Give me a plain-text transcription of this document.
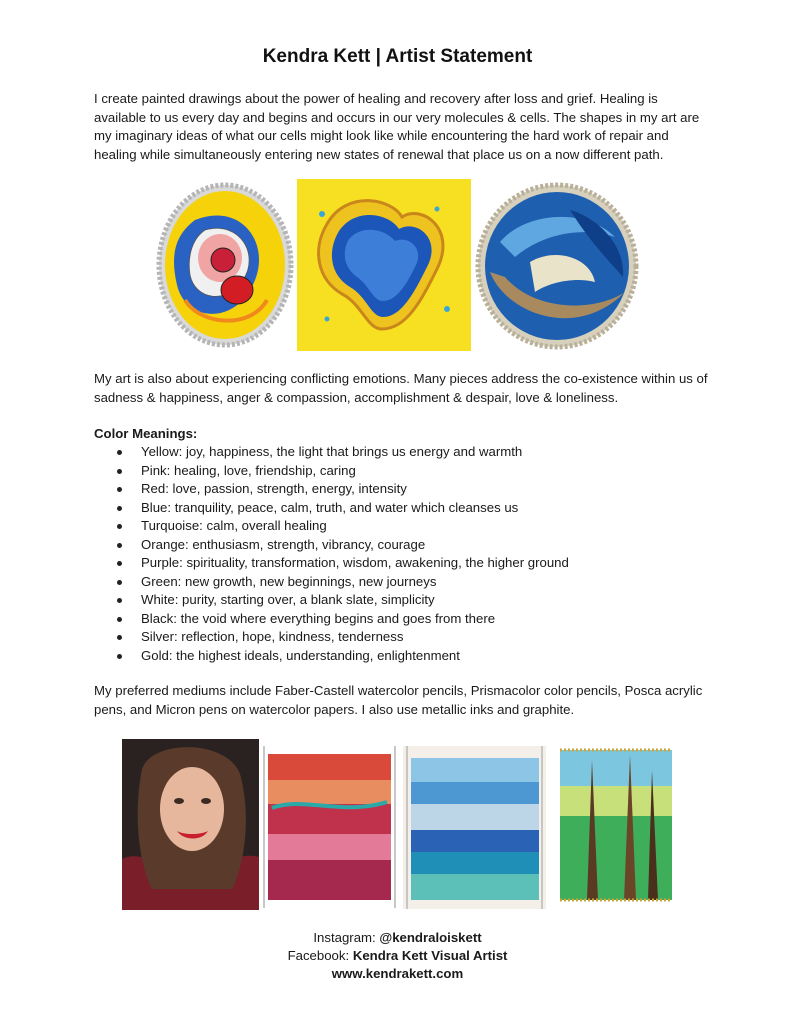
Kendra Kett | Artist Statement

I create painted drawings about the power of healing and recovery after loss and grief. Healing is available to us every day and begins and occurs in our very molecules & cells. The shapes in my art are my imaginary ideas of what our cells might look like while encountering the hard work of repair and healing while simultaneously entering new states of renewal that place us on a now different path.

My art is also about experiencing conflicting emotions. Many pieces address the co-existence within us of sadness & happiness, anger & compassion, accomplishment & despair, love & loneliness.

Color Meanings:

Yellow: joy, happiness, the light that brings us energy and warmth
Pink: healing, love, friendship, caring
Red: love, passion, strength, energy, intensity
Blue: tranquility, peace, calm, truth, and water which cleanses us
Turquoise: calm, overall healing
Orange: enthusiasm, strength, vibrancy, courage
Purple: spirituality, transformation, wisdom, awakening, the higher ground
Green: new growth, new beginnings, new journeys
White: purity, starting over, a blank slate, simplicity
Black: the void where everything begins and goes from there
Silver: reflection, hope, kindness, tenderness
Gold: the highest ideals, understanding, enlightenment

My preferred mediums include Faber-Castell watercolor pencils, Prismacolor color pencils, Posca acrylic pens, and Micron pens on watercolor papers. I also use metallic inks and graphite.

Instagram: @kendraloiskett
Facebook: Kendra Kett Visual Artist
www.kendrakett.com
